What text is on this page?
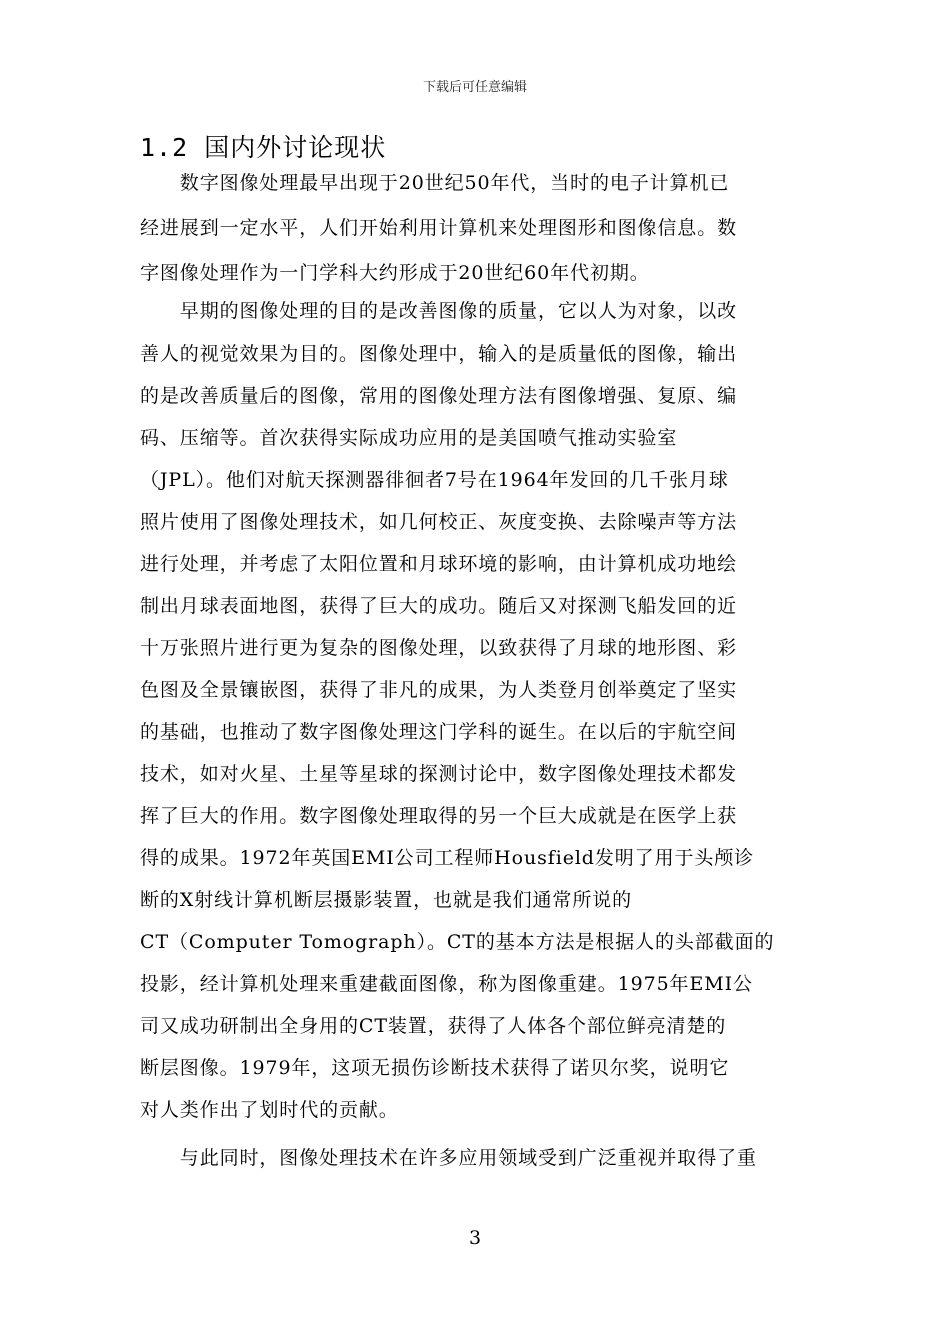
下载后可任意编辑
1.2 国内外讨论现状
　　数字图像处理最早出现于20世纪50年代，当时的电子计算机已
经进展到一定水平，人们开始利用计算机来处理图形和图像信息。数
字图像处理作为一门学科大约形成于20世纪60年代初期。
　　早期的图像处理的目的是改善图像的质量，它以人为对象，以改
善人的视觉效果为目的。图像处理中，输入的是质量低的图像，输出
的是改善质量后的图像，常用的图像处理方法有图像增强、复原、编
码、压缩等。首次获得实际成功应用的是美国喷气推动实验室
（JPL）。他们对航天探测器徘徊者7号在1964年发回的几千张月球
照片使用了图像处理技术，如几何校正、灰度变换、去除噪声等方法
进行处理，并考虑了太阳位置和月球环境的影响，由计算机成功地绘
制出月球表面地图，获得了巨大的成功。随后又对探测飞船发回的近
十万张照片进行更为复杂的图像处理，以致获得了月球的地形图、彩
色图及全景镶嵌图，获得了非凡的成果，为人类登月创举奠定了坚实
的基础，也推动了数字图像处理这门学科的诞生。在以后的宇航空间
技术，如对火星、土星等星球的探测讨论中，数字图像处理技术都发
挥了巨大的作用。数字图像处理取得的另一个巨大成就是在医学上获
得的成果。1972年英国EMI公司工程师Housfield发明了用于头颅诊
断的X射线计算机断层摄影装置，也就是我们通常所说的
CT（Computer Tomograph）。CT的基本方法是根据人的头部截面的
投影，经计算机处理来重建截面图像，称为图像重建。1975年EMI公
司又成功研制出全身用的CT装置，获得了人体各个部位鲜亮清楚的
断层图像。1979年，这项无损伤诊断技术获得了诺贝尔奖，说明它
对人类作出了划时代的贡献。
　　与此同时，图像处理技术在许多应用领域受到广泛重视并取得了重
3
